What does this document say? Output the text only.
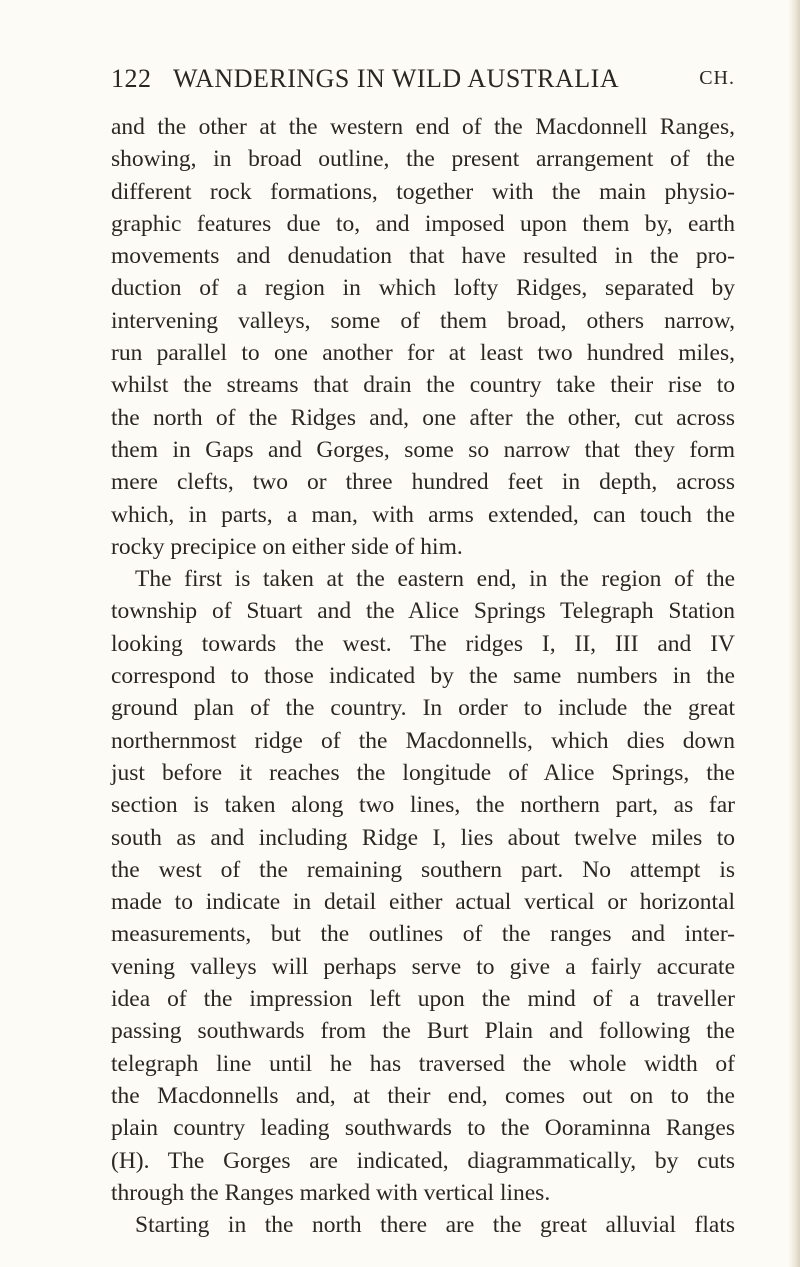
122 WANDERINGS IN WILD AUSTRALIA	CH.
and the other at the western end of the Macdonnell Ranges,
showing, in broad outline, the present arrangement of the
different rock formations, together with the main physio-
graphic features due to, and imposed upon them by, earth
movements and denudation that have resulted in the pro-
duction of a region in which lofty Ridges, separated by
intervening valleys, some of them broad, others narrow,
run parallel to one another for at least two hundred miles,
whilst the streams that drain the country take their rise to
the north of the Ridges and, one after the other, cut across
them in Gaps and Gorges, some so narrow that they form
mere clefts, two or three hundred feet in depth, across
which, in parts, a man, with arms extended, can touch the
rocky precipice on either side of him.
The first is taken at the eastern end, in the region of the
township of Stuart and the Alice Springs Telegraph Station
looking towards the west. The ridges I, II, III and IV
correspond to those indicated by the same numbers in the
ground plan of the country. In order to include the great
northernmost ridge of the Macdonnells, which dies down
just before it reaches the longitude of Alice Springs, the
section is taken along two lines, the northern part, as far
south as and including Ridge I, lies about twelve miles to
the west of the remaining southern part. No attempt is
made to indicate in detail either actual vertical or horizontal
measurements, but the outlines of the ranges and inter-
vening valleys will perhaps serve to give a fairly accurate
idea of the impression left upon the mind of a traveller
passing southwards from the Burt Plain and following the
telegraph line until he has traversed the whole width of
the Macdonnells and, at their end, comes out on to the
plain country leading southwards to the Ooraminna Ranges
(H). The Gorges are indicated, diagrammatically, by cuts
through the Ranges marked with vertical lines.
Starting in the north there are the great alluvial flats
